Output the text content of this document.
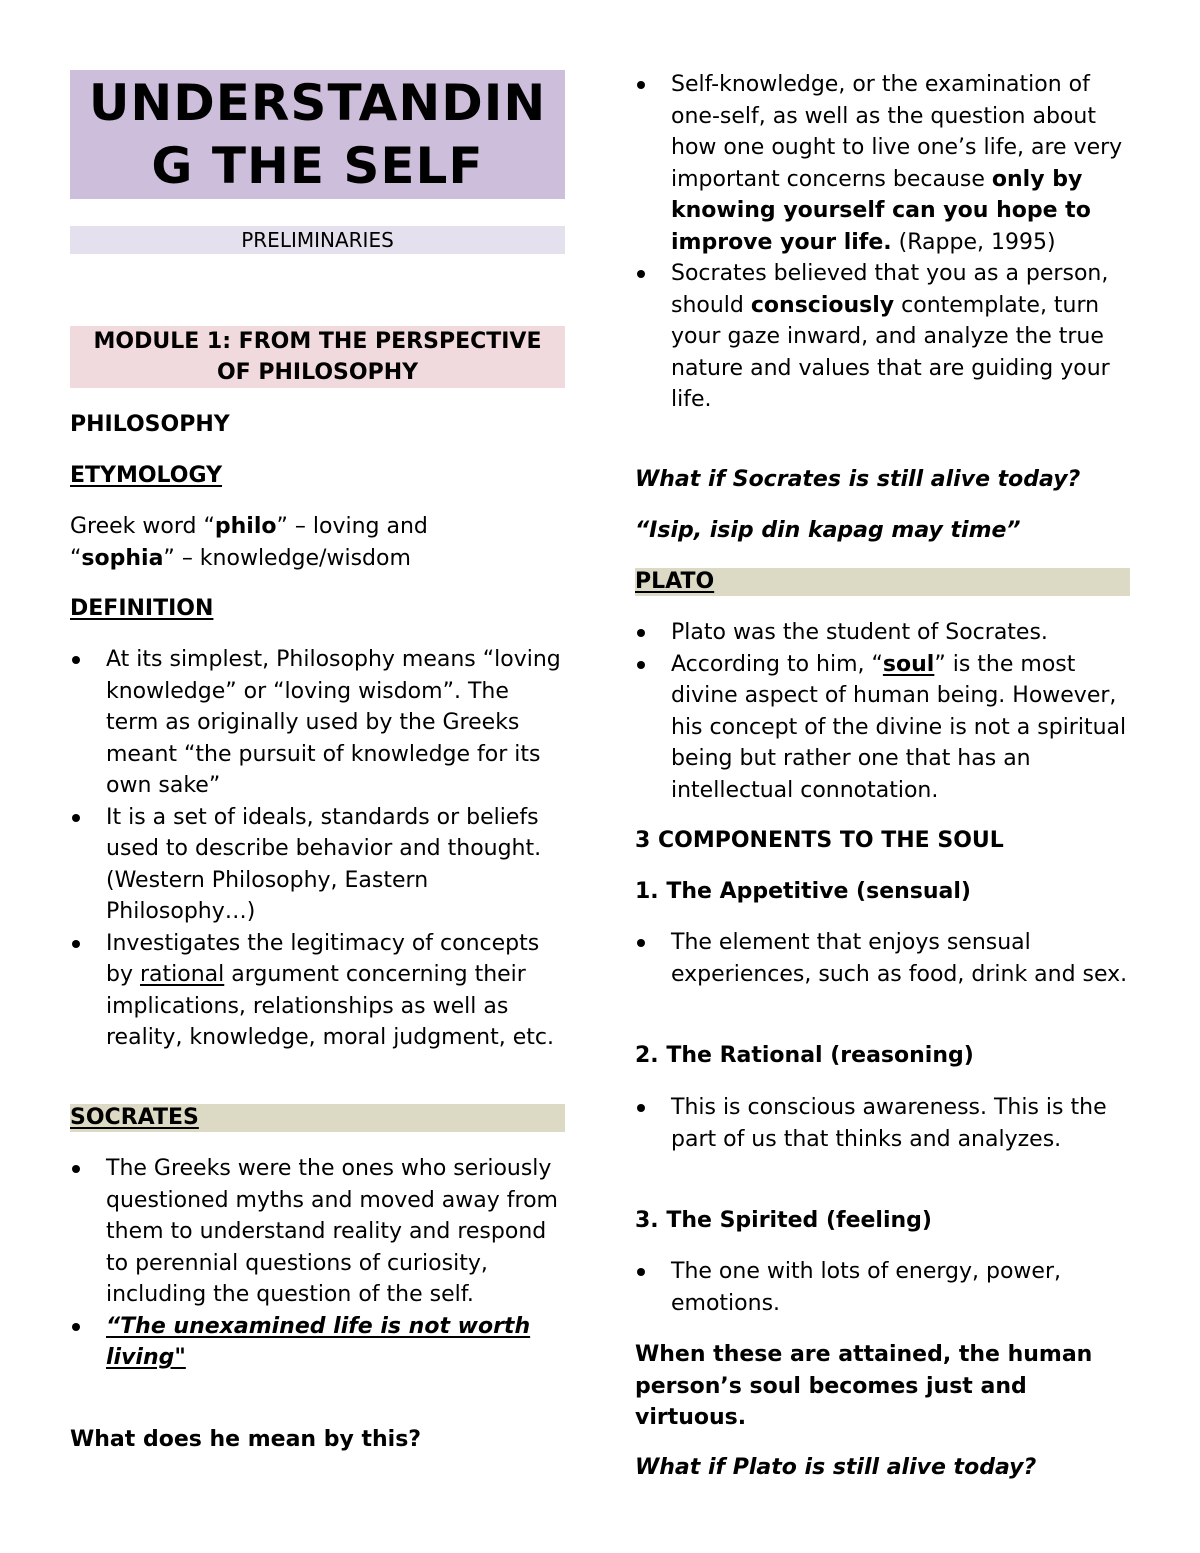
UNDERSTANDIN
G THE SELF
PRELIMINARIES
MODULE 1: FROM THE PERSPECTIVE
OF PHILOSOPHY
PHILOSOPHY
ETYMOLOGY
Greek word “philo” – loving and
“sophia” – knowledge/wisdom
DEFINITION
At its simplest, Philosophy means “loving knowledge” or “loving wisdom”. The term as originally used by the Greeks meant “the pursuit of knowledge for its own sake”
It is a set of ideals, standards or beliefs used to describe behavior and thought. (Western Philosophy, Eastern Philosophy…)
Investigates the legitimacy of concepts by rational argument concerning their implications, relationships as well as reality, knowledge, moral judgment, etc.
SOCRATES
The Greeks were the ones who seriously questioned myths and moved away from them to understand reality and respond to perennial questions of curiosity, including the question of the self.
“The unexamined life is not worth living"
What does he mean by this?
Self-knowledge, or the examination of one-self, as well as the question about how one ought to live one’s life, are very important concerns because only by knowing yourself can you hope to improve your life. (Rappe, 1995)
Socrates believed that you as a person, should consciously contemplate, turn your gaze inward, and analyze the true nature and values that are guiding your life.
What if Socrates is still alive today?
“Isip, isip din kapag may time”
PLATO
Plato was the student of Socrates.
According to him, “soul” is the most divine aspect of human being. However, his concept of the divine is not a spiritual being but rather one that has an intellectual connotation.
3 COMPONENTS TO THE SOUL
1. The Appetitive (sensual)
The element that enjoys sensual experiences, such as food, drink and sex.
2. The Rational (reasoning)
This is conscious awareness. This is the part of us that thinks and analyzes.
3. The Spirited (feeling)
The one with lots of energy, power, emotions.
When these are attained, the human person’s soul becomes just and virtuous.
What if Plato is still alive today?
